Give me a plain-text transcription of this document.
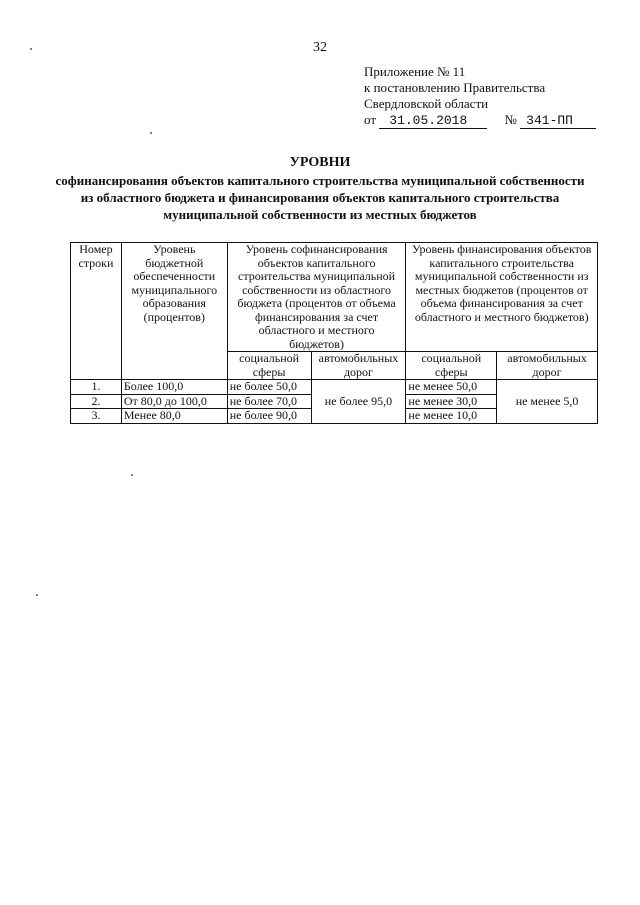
32
Приложение № 11
к постановлению Правительства
Свердловской области
от 31.05.2018	№ 341-ПП
УРОВНИ
софинансирования объектов капитального строительства муниципальной собственности
из областного бюджета и финансирования объектов капитального строительства
муниципальной собственности из местных бюджетов
Номер строки	Уровень бюджетной обеспеченности муниципального образования (процентов)	Уровень софинансирования объектов капитального строительства муниципальной собственности из областного бюджета (процентов от объема финансирования за счет областного и местного бюджетов)		Уровень финансирования объектов капитального строительства муниципальной собственности из местных бюджетов (процентов от объема финансирования за счет областного и местного бюджетов)	
		социальной сферы	автомобильных дорог	социальной сферы	автомобильных дорог
1.	Более 100,0	не более 50,0	не более 95,0	не менее 50,0	не менее 5,0
2.	От 80,0 до 100,0	не более 70,0		не менее 30,0	
3.	Менее 80,0	не более 90,0		не менее 10,0	
